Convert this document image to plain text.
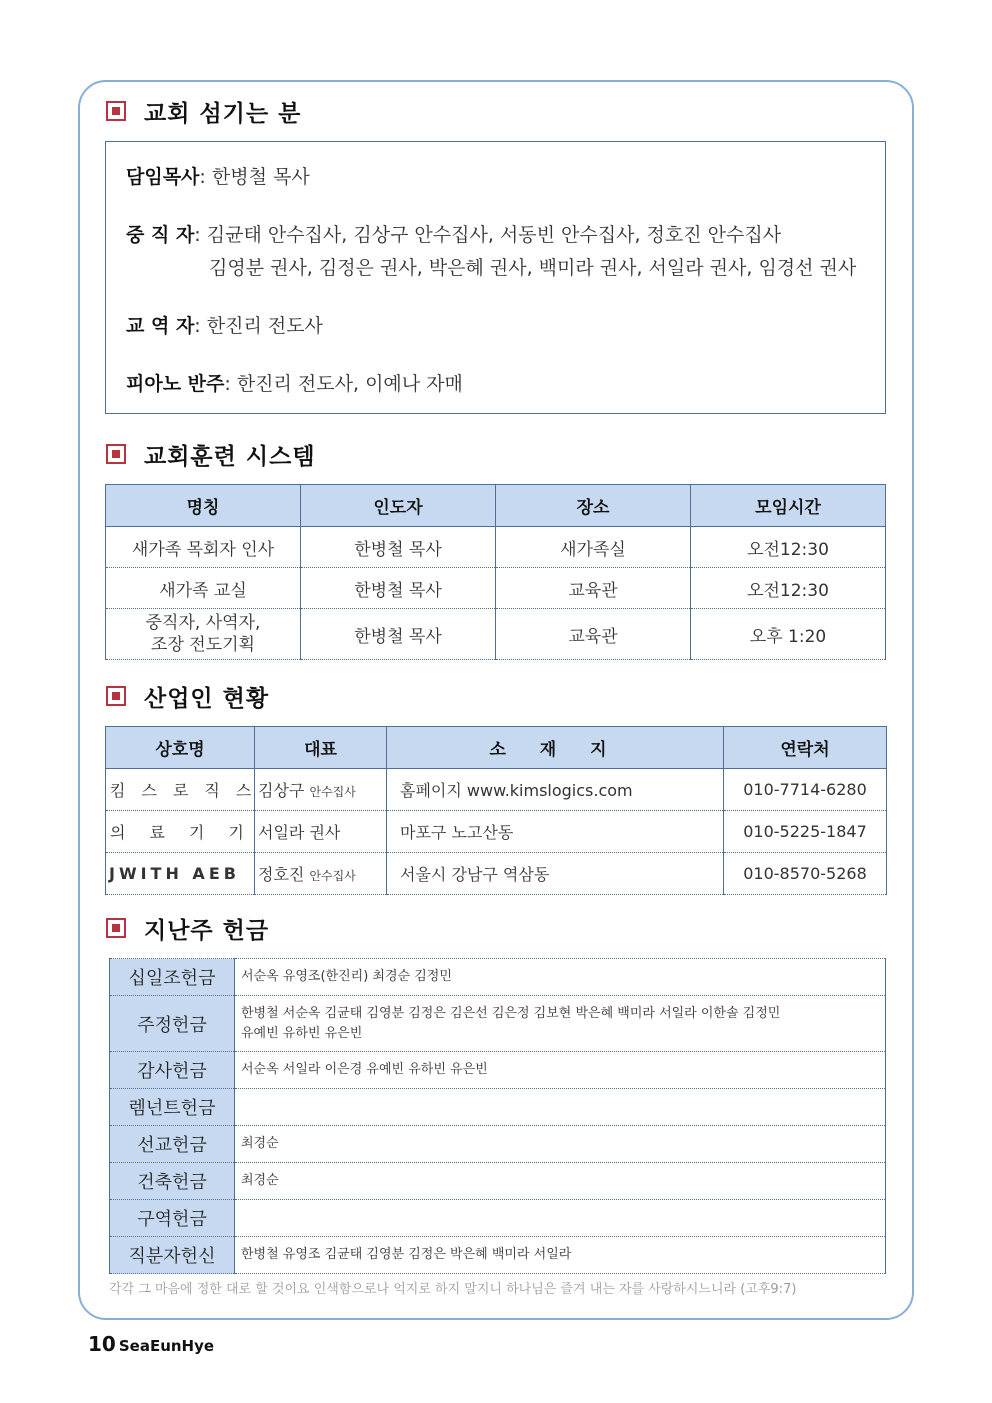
교회 섬기는 분
담임목사: 한병철 목사
중 직 자: 김균태 안수집사, 김상구 안수집사, 서동빈 안수집사, 정호진 안수집사
김영분 권사, 김정은 권사, 박은혜 권사, 백미라 권사, 서일라 권사, 임경선 권사
교 역 자: 한진리 전도사
피아노 반주: 한진리 전도사, 이예나 자매
교회훈련 시스템
명칭	인도자	장소	모임시간
새가족 목회자 인사	한병철 목사	새가족실	오전12:30
새가족 교실	한병철 목사	교육관	오전12:30

중직자, 사역자,
조장 전도기획	한병철 목사	교육관	오후 1:20
산업인 현황
상호명	대표	소 재 지	연락처
킴스로직스	김상구 안수집사	홈페이지 www.kimslogics.com	010-7714-6280
의료기기	서일라 권사	마포구 노고산동	010-5225-1847
JWITH AEB	정호진 안수집사	서울시 강남구 역삼동	010-8570-5268
지난주 헌금
십일조헌금	서순옥 유영조(한진리) 최경순 김정민
주정헌금	한병철 서순옥 김균태 김영분 김정은 김은선 김은정 김보현 박은혜 백미라 서일라 이한솔 김정민
유예빈 유하빈 유은빈

감사헌금	서순옥 서일라 이은경 유예빈 유하빈 유은빈
렘넌트헌금	
선교헌금	최경순
건축헌금	최경순
구역헌금	
직분자헌신	한병철 유영조 김균태 김영분 김정은 박은혜 백미라 서일라
각각 그 마음에 정한 대로 할 것이요 인색함으로나 억지로 하지 말지니 하나님은 즐겨 내는 자를 사랑하시느니라 (고후9:7)
10 SeaEunHye
